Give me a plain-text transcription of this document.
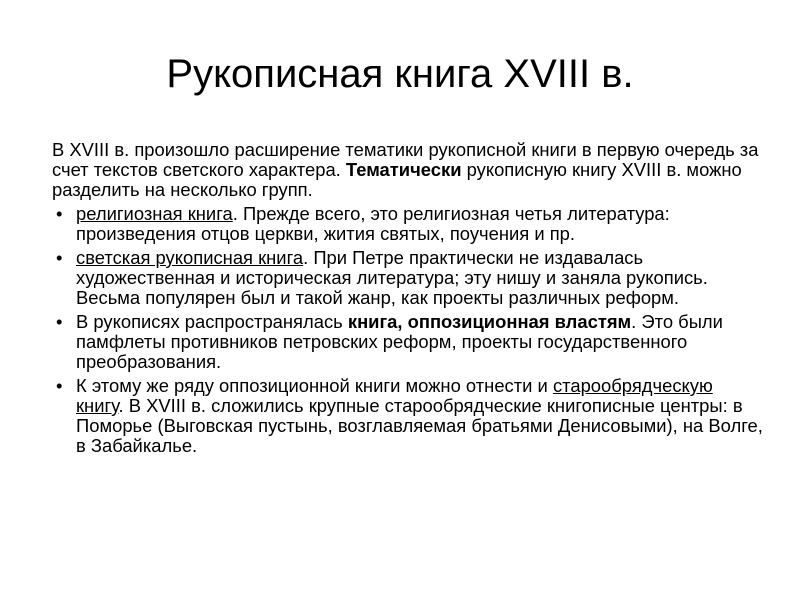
Рукописная книга XVIII в.

В XVIII в. произошло расширение тематики рукописной книги в первую очередь за счет текстов светского характера. Тематически рукописную книгу XVIII в. можно разделить на несколько групп.

• религиозная книга. Прежде всего, это религиозная четья литература: произведения отцов церкви, жития святых, поучения и пр.
• светская рукописная книга. При Петре практически не издавалась художественная и историческая литература; эту нишу и заняла рукопись. Весьма популярен был и такой жанр, как проекты различных реформ.
• В рукописях распространялась книга, оппозиционная властям. Это были памфлеты противников петровских реформ, проекты государственного преобразования.
• К этому же ряду оппозиционной книги можно отнести и старообрядческую книгу. В XVIII в. сложились крупные старообрядческие книгописные центры: в Поморье (Выговская пустынь, возглавляемая братьями Денисовыми), на Волге, в Забайкалье.
